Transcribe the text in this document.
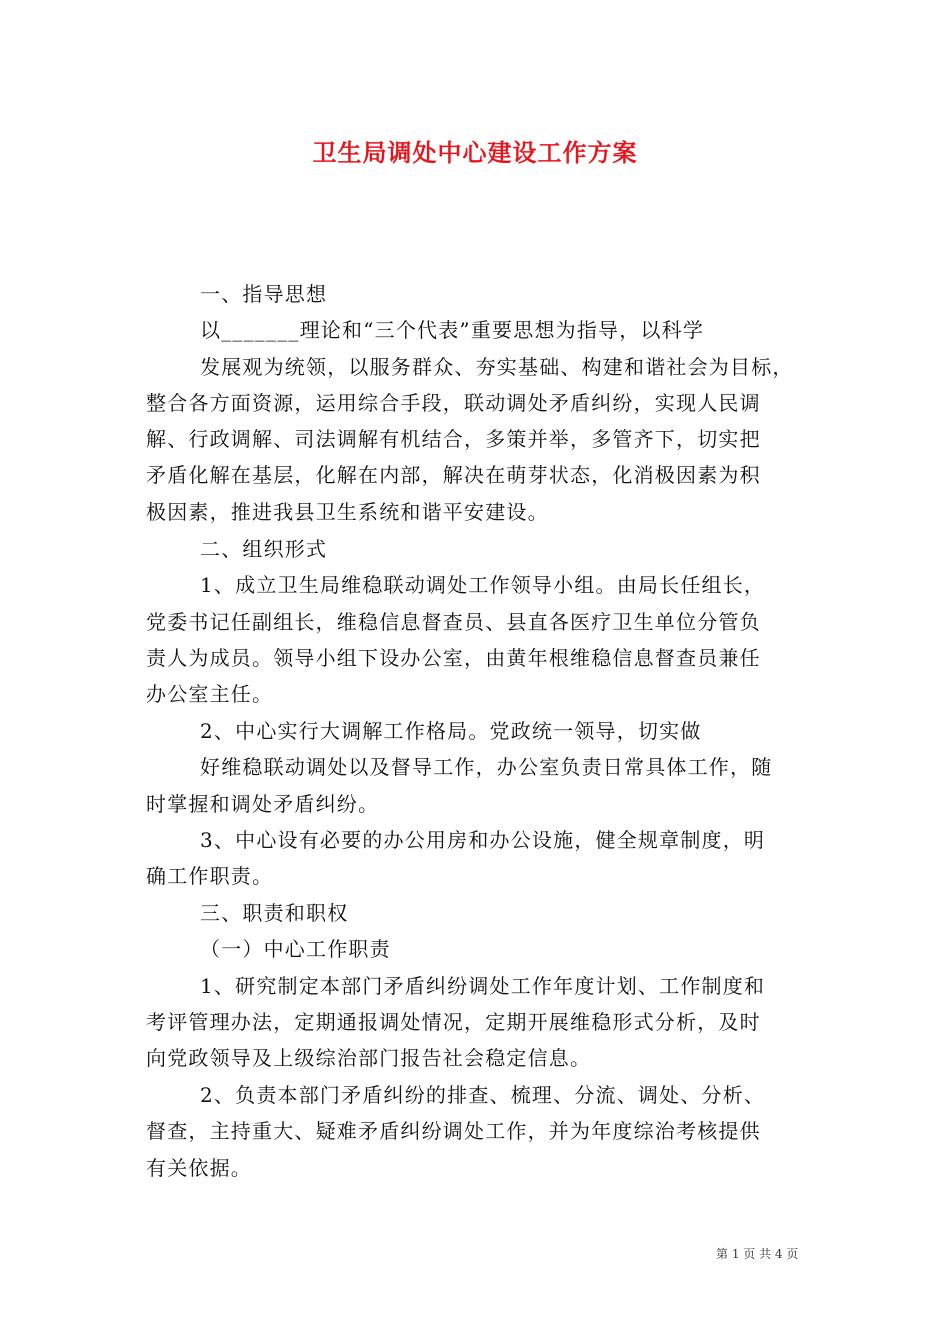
卫生局调处中心建设工作方案
一、指导思想
以_______理论和“三个代表”重要思想为指导，以科学
发展观为统领，以服务群众、夯实基础、构建和谐社会为目标，
整合各方面资源，运用综合手段，联动调处矛盾纠纷，实现人民调
解、行政调解、司法调解有机结合，多策并举，多管齐下，切实把
矛盾化解在基层，化解在内部，解决在萌芽状态，化消极因素为积
极因素，推进我县卫生系统和谐平安建设。
二、组织形式
1、成立卫生局维稳联动调处工作领导小组。由局长任组长，
党委书记任副组长，维稳信息督查员、县直各医疗卫生单位分管负
责人为成员。领导小组下设办公室，由黄年根维稳信息督查员兼任
办公室主任。
2、中心实行大调解工作格局。党政统一领导，切实做
好维稳联动调处以及督导工作，办公室负责日常具体工作，随
时掌握和调处矛盾纠纷。
3、中心设有必要的办公用房和办公设施，健全规章制度，明
确工作职责。
三、职责和职权
（一）中心工作职责
1、研究制定本部门矛盾纠纷调处工作年度计划、工作制度和
考评管理办法，定期通报调处情况，定期开展维稳形式分析，及时
向党政领导及上级综治部门报告社会稳定信息。
2、负责本部门矛盾纠纷的排查、梳理、分流、调处、分析、
督查，主持重大、疑难矛盾纠纷调处工作，并为年度综治考核提供
有关依据。
第 1 页 共 4 页
